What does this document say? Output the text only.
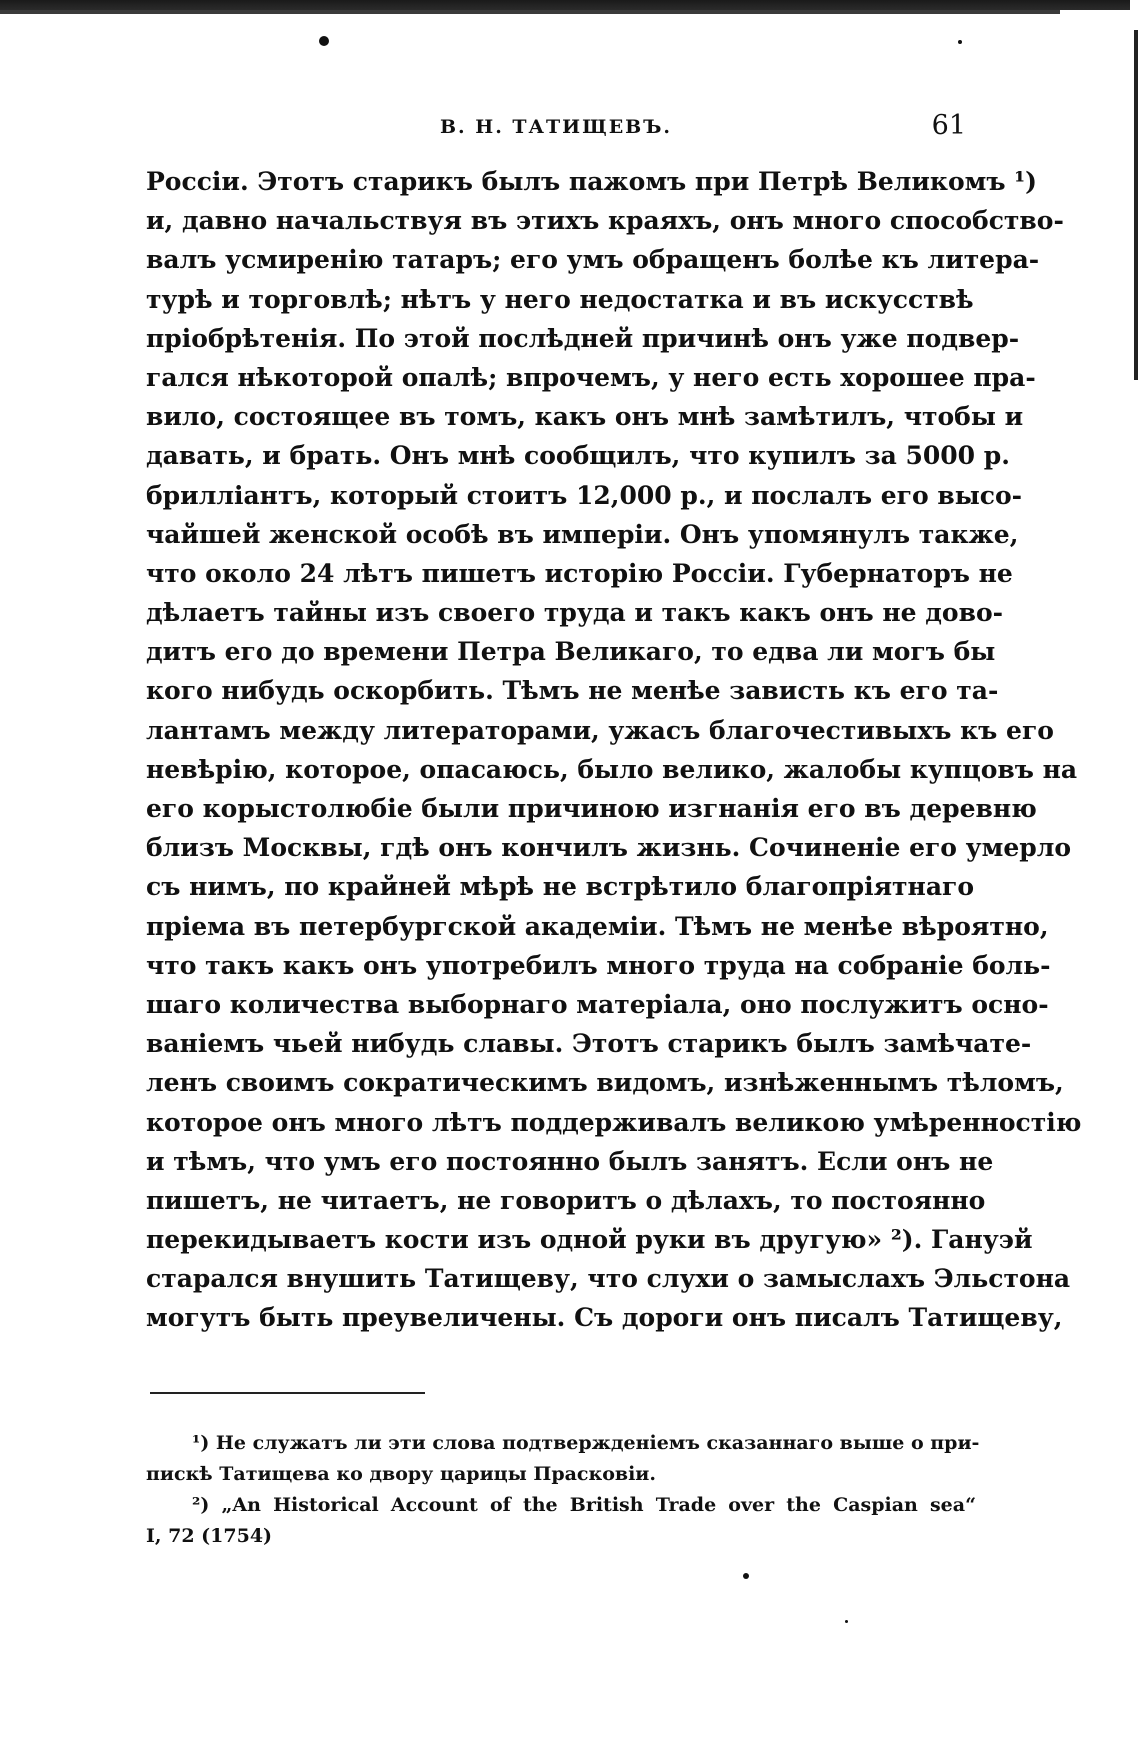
В. Н. ТАТИЩЕВЪ.	61
Россіи. Этотъ старикъ былъ пажомъ при Петрѣ Великомъ ¹)
и, давно начальствуя въ этихъ краяхъ, онъ много способство-
валъ усмиренію татаръ; его умъ обращенъ болѣе къ литера-
турѣ и торговлѣ; нѣтъ у него недостатка и въ искусствѣ
пріобрѣтенія. По этой послѣдней причинѣ онъ уже подвер-
гался нѣкоторой опалѣ; впрочемъ, у него есть хорошее пра-
вило, состоящее въ томъ, какъ онъ мнѣ замѣтилъ, чтобы и
давать, и брать. Онъ мнѣ сообщилъ, что купилъ за 5000 р.
бриллiантъ, который стоитъ 12,000 р., и послалъ его высо-
чайшей женской особѣ въ имперіи. Онъ упомянулъ также,
что около 24 лѣтъ пишетъ исторію Россіи. Губернаторъ не
дѣлаетъ тайны изъ своего труда и такъ какъ онъ не дово-
дитъ его до времени Петра Великаго, то едва ли могъ бы
кого нибудь оскорбить. Тѣмъ не менѣе зависть къ его та-
лантамъ между литераторами, ужасъ благочестивыхъ къ его
невѣрію, которое, опасаюсь, было велико, жалобы купцовъ на
его корыстолюбіе были причиною изгнанія его въ деревню
близъ Москвы, гдѣ онъ кончилъ жизнь. Сочиненіе его умерло
съ нимъ, по крайней мѣрѣ не встрѣтило благопріятнаго
пріема въ петербургской академіи. Тѣмъ не менѣе вѣроятно,
что такъ какъ онъ употребилъ много труда на собраніе боль-
шаго количества выборнаго матеріала, оно послужитъ осно-
ваніемъ чьей нибудь славы. Этотъ старикъ былъ замѣчате-
ленъ своимъ сократическимъ видомъ, изнѣженнымъ тѣломъ,
которое онъ много лѣтъ поддерживалъ великою умѣренностію
и тѣмъ, что умъ его постоянно былъ занятъ. Если онъ не
пишетъ, не читаетъ, не говоритъ о дѣлахъ, то постоянно
перекидываетъ кости изъ одной руки въ другую» ²). Гануэй
старался внушить Татищеву, что слухи о замыслахъ Эльстона
могутъ быть преувеличены. Съ дороги онъ писалъ Татищеву,
¹) Не служатъ ли эти слова подтвержденіемъ сказаннаго выше о при-
пискѣ Татищева ко двору царицы Прасковіи.
²) „An Historical Account of the British Trade over the Caspian sea“
I, 72 (1754)
